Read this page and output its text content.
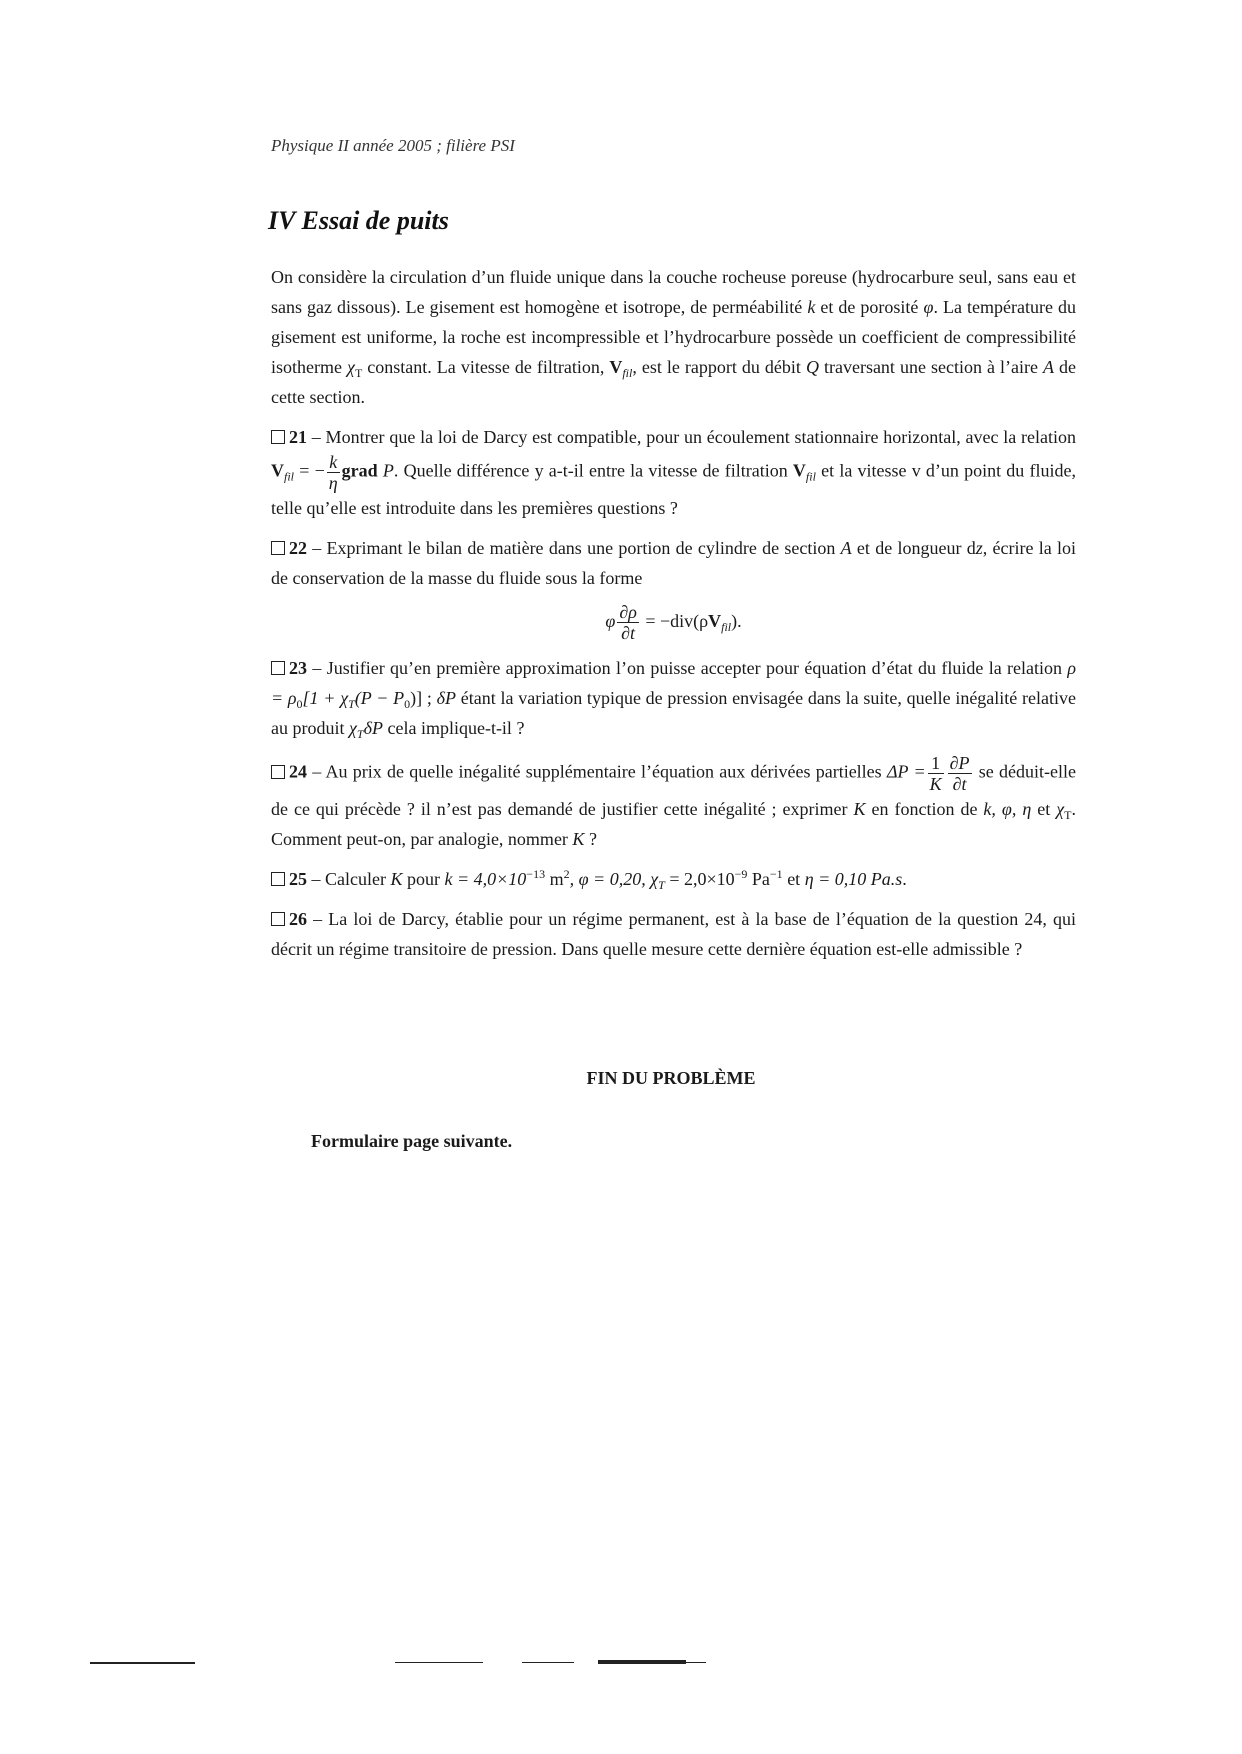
Physique II année 2005 ; filière PSI
IV Essai de puits

On considère la circulation d’un fluide unique dans la couche rocheuse poreuse (hydrocarbure seul, sans eau et sans gaz dissous). Le gisement est homogène et isotrope, de perméabilité k et de porosité φ. La température du gisement est uniforme, la roche est incompressible et l’hydrocarbure possède un coefficient de compressibilité isotherme $\chi_T$ constant. La vitesse de filtration, $V_{fil}$, est le rapport du débit Q traversant une section à l’aire A de cette section.

21 – Montrer que la loi de Darcy est compatible, pour un écoulement stationnaire horizontal, avec la relation $V_{fil}$ = − $\frac{k}{\eta}$ grad P. Quelle différence y a-t-il entre la vitesse de filtration $V_{fil}$ et la vitesse v d’un point du fluide, telle qu’elle est introduite dans les premières questions ?

22 – Exprimant le bilan de matière dans une portion de cylindre de section A et de longueur dz, écrire la loi de conservation de la masse du fluide sous la forme

φ $\frac{\partial\rho}{\partial t} = -div(\rho V_{fil})$.

23 – Justifier qu’en première approximation l’on puisse accepter pour équation d’état du fluide la relation $\rho = \rho_0[1 + \chi_T(P - P_0)]$ ; δP étant la variation typique de pression envisagée dans la suite, quelle inégalité relative au produit $\chi_T\delta P$ cela implique-t-il ?

24 – Au prix de quelle inégalité supplémentaire l’équation aux dérivées partielles $\Delta P = \frac{1}{K} \frac{\partial P}{\partial t}$ se déduit-elle de ce qui précède ? il n’est pas demandé de justifier cette inégalité ; exprimer K en fonction de k, φ, η et $\chi_T$. Comment peut-on, par analogie, nommer K ?

25 – Calculer K pour $k = 4,0\times 10^{-13}$ $m^2$, φ = 0,20, $\chi_T = 2,0\times 10^{-9}$ $Pa^{-1}$ et η = 0,10 Pa.s.

26 – La loi de Darcy, établie pour un régime permanent, est à la base de l’équation de la question 24, qui décrit un régime transitoire de pression. Dans quelle mesure cette dernière équation est-elle admissible ?

FIN DU PROBLÈME
Formulaire page suivante.
